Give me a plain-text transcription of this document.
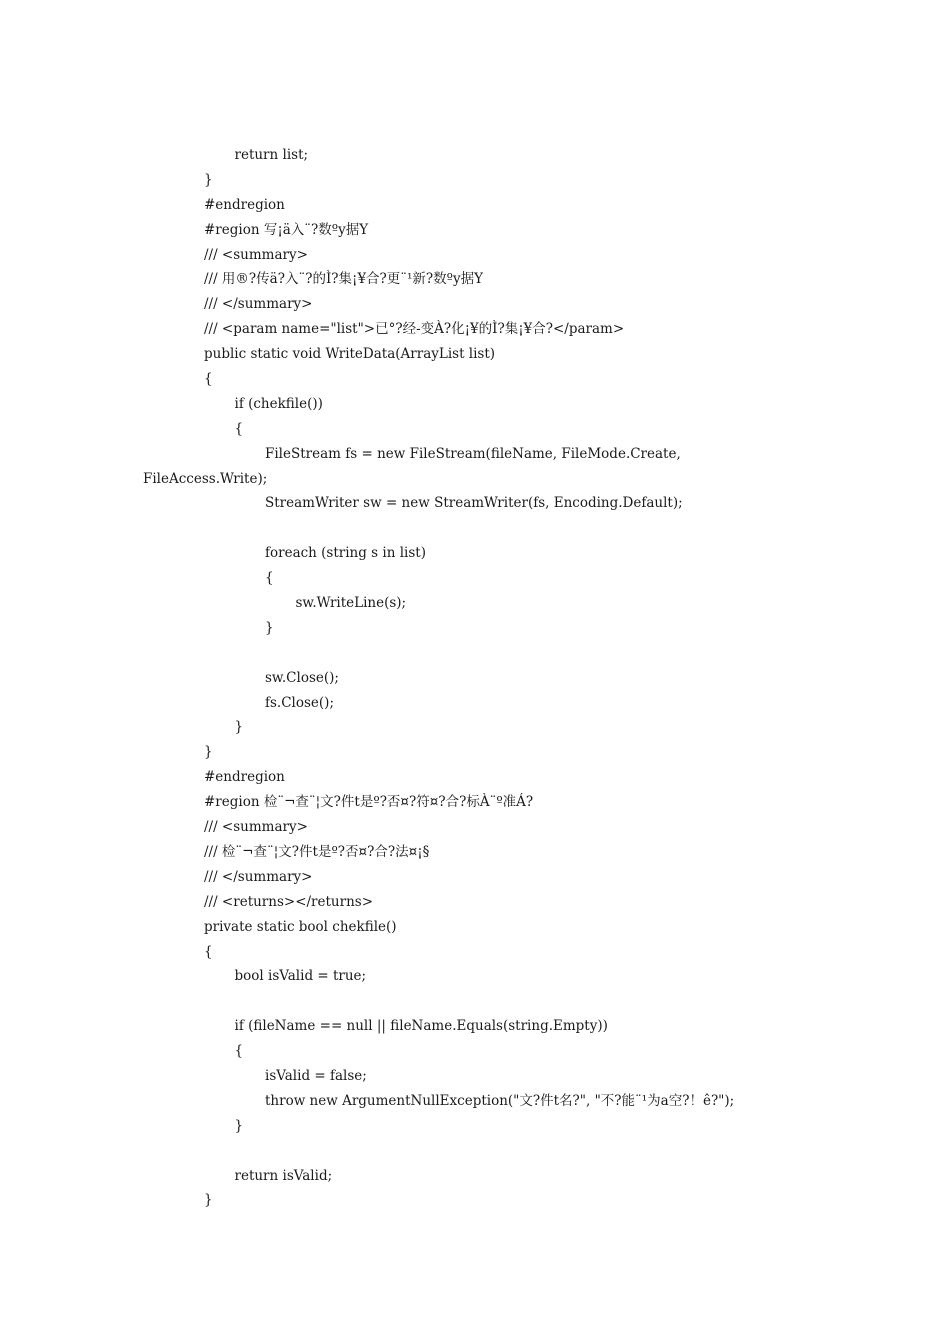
return list;
}
#endregion
#region 写¡ä入¨?数ºy据Y
/// <summary>
/// 用®?传ä?入¨?的Ì?集¡¥合?更¨¹新?数ºy据Y
/// </summary>
/// <param name="list">已°?经-变À?化¡¥的Ì?集¡¥合?</param>
public static void WriteData(ArrayList list)
{
if (chekfile())
{
FileStream fs = new FileStream(fileName, FileMode.Create,
FileAccess.Write);
StreamWriter sw = new StreamWriter(fs, Encoding.Default);
foreach (string s in list)
{
sw.WriteLine(s);
}
sw.Close();
fs.Close();
}
}
#endregion
#region 检¨¬查¨¦文?件t是º?否¤?符¤?合?标À¨º准Á?
/// <summary>
/// 检¨¬查¨¦文?件t是º?否¤?合?法¤¡§
/// </summary>
/// <returns></returns>
private static bool chekfile()
{
bool isValid = true;
if (fileName == null || fileName.Equals(string.Empty))
{
isValid = false;
throw new ArgumentNullException("文?件t名?", "不?能¨¹为a空?！ê?");
}
return isValid;
}
